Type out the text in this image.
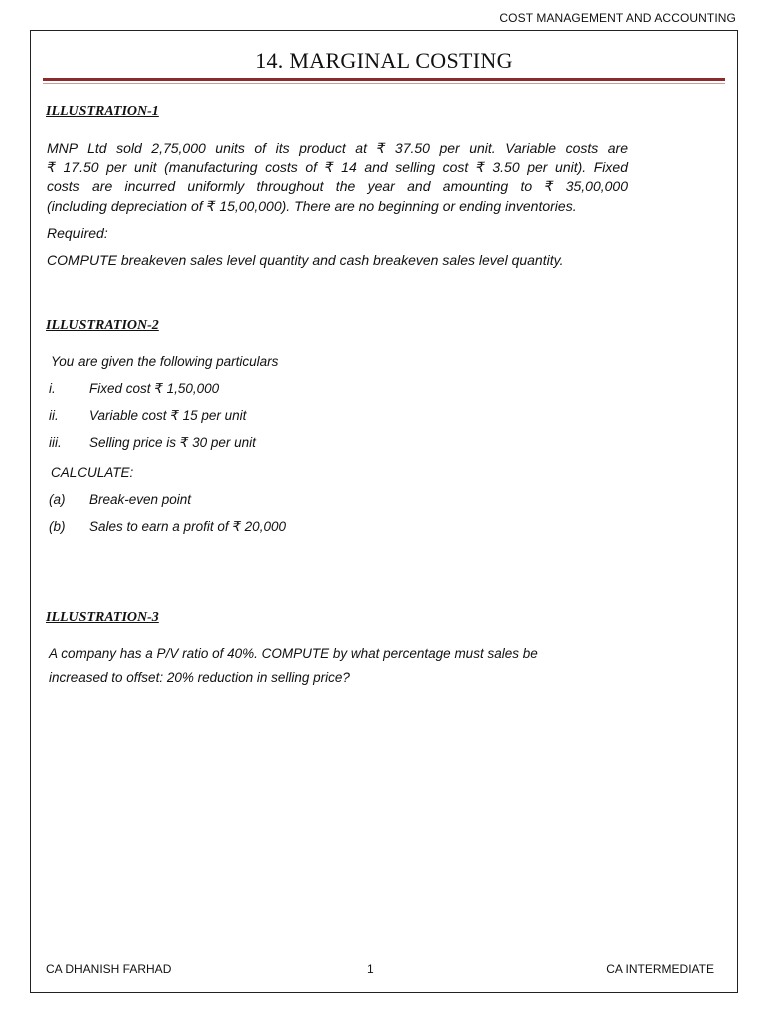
COST MANAGEMENT AND ACCOUNTING
14. MARGINAL COSTING
ILLUSTRATION-1
MNP Ltd sold 2,75,000 units of its product at ₹ 37.50 per unit. Variable costs are
₹ 17.50 per unit (manufacturing costs of ₹ 14 and selling cost ₹ 3.50 per unit). Fixed
costs are incurred uniformly throughout the year and amounting to ₹ 35,00,000
(including depreciation of ₹ 15,00,000). There are no beginning or ending inventories.
Required:
COMPUTE breakeven sales level quantity and cash breakeven sales level quantity.
ILLUSTRATION-2
You are given the following particulars
i. Fixed cost ₹ 1,50,000
ii. Variable cost ₹ 15 per unit
iii. Selling price is ₹ 30 per unit
CALCULATE:
(a) Break-even point
(b) Sales to earn a profit of ₹ 20,000
ILLUSTRATION-3
A company has a P/V ratio of 40%. COMPUTE by what percentage must sales be
increased to offset: 20% reduction in selling price?
CA DHANISH FARHAD	1	CA INTERMEDIATE
